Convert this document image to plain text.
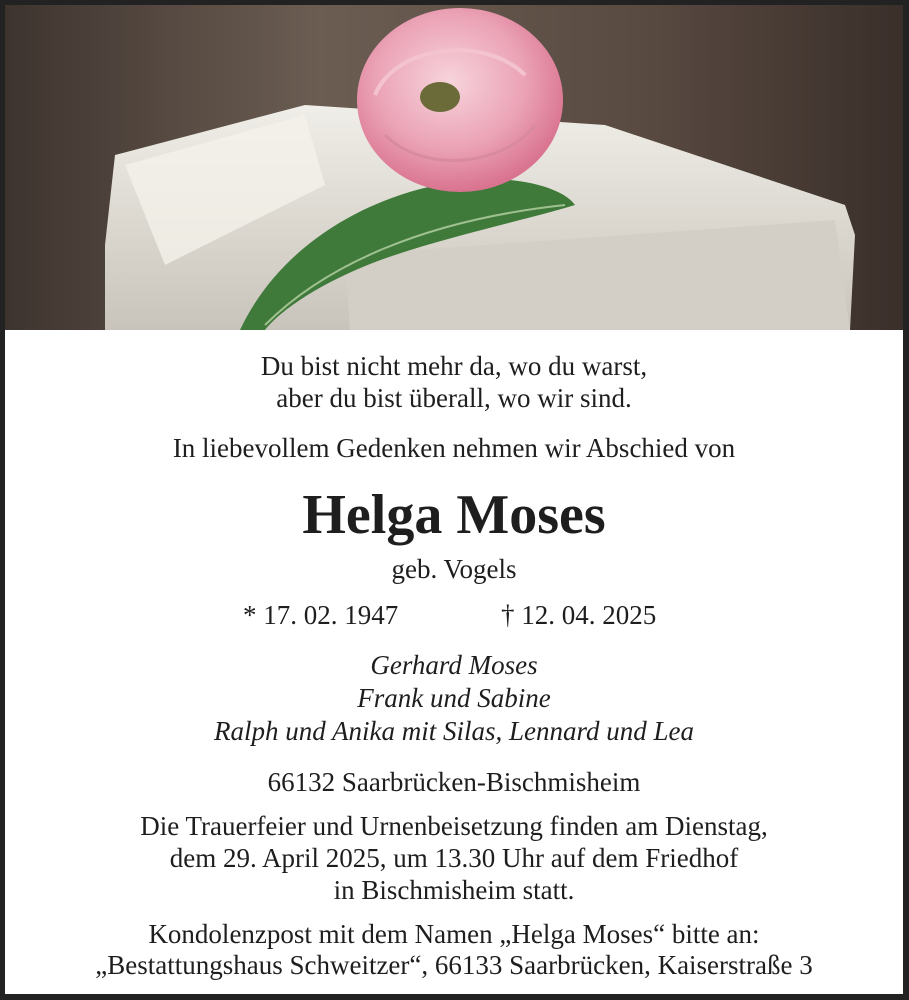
Du bist nicht mehr da, wo du warst,
aber du bist überall, wo wir sind.
In liebevollem Gedenken nehmen wir Abschied von
Helga Moses
geb. Vogels
* 17. 02. 1947	† 12. 04. 2025
Gerhard Moses
Frank und Sabine
Ralph und Anika mit Silas, Lennard und Lea
66132 Saarbrücken-Bischmisheim
Die Trauerfeier und Urnenbeisetzung finden am Dienstag,
dem 29. April 2025, um 13.30 Uhr auf dem Friedhof
in Bischmisheim statt.
Kondolenzpost mit dem Namen „Helga Moses“ bitte an:
„Bestattungshaus Schweitzer“, 66133 Saarbrücken, Kaiserstraße 3
